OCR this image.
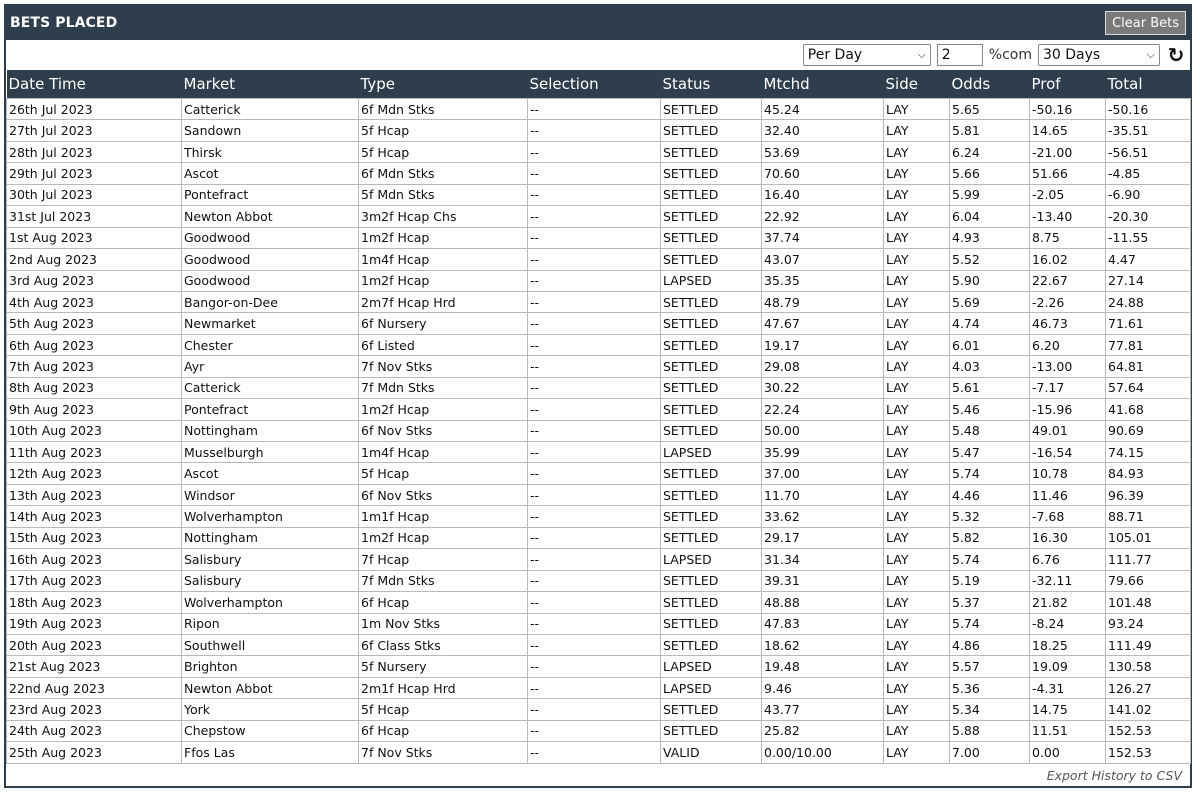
BETS PLACED	Clear Bets
Per Day	⌵
2	%com 30 Days	⌵ ↻
Date Time	Market	Type	Selection	Status	Mtchd	Side	Odds	Prof	Total
26th Jul 2023	Catterick	6f Mdn Stks	--	SETTLED	45.24	LAY	5.65	-50.16	-50.16
27th Jul 2023	Sandown	5f Hcap	--	SETTLED	32.40	LAY	5.81	14.65	-35.51
28th Jul 2023	Thirsk	5f Hcap	--	SETTLED	53.69	LAY	6.24	-21.00	-56.51
29th Jul 2023	Ascot	6f Mdn Stks	--	SETTLED	70.60	LAY	5.66	51.66	-4.85
30th Jul 2023	Pontefract	5f Mdn Stks	--	SETTLED	16.40	LAY	5.99	-2.05	-6.90
31st Jul 2023	Newton Abbot	3m2f Hcap Chs	--	SETTLED	22.92	LAY	6.04	-13.40	-20.30
1st Aug 2023	Goodwood	1m2f Hcap	--	SETTLED	37.74	LAY	4.93	8.75	-11.55
2nd Aug 2023	Goodwood	1m4f Hcap	--	SETTLED	43.07	LAY	5.52	16.02	4.47
3rd Aug 2023	Goodwood	1m2f Hcap	--	LAPSED	35.35	LAY	5.90	22.67	27.14
4th Aug 2023	Bangor-on-Dee	2m7f Hcap Hrd	--	SETTLED	48.79	LAY	5.69	-2.26	24.88
5th Aug 2023	Newmarket	6f Nursery	--	SETTLED	47.67	LAY	4.74	46.73	71.61
6th Aug 2023	Chester	6f Listed	--	SETTLED	19.17	LAY	6.01	6.20	77.81
7th Aug 2023	Ayr	7f Nov Stks	--	SETTLED	29.08	LAY	4.03	-13.00	64.81
8th Aug 2023	Catterick	7f Mdn Stks	--	SETTLED	30.22	LAY	5.61	-7.17	57.64
9th Aug 2023	Pontefract	1m2f Hcap	--	SETTLED	22.24	LAY	5.46	-15.96	41.68
10th Aug 2023	Nottingham	6f Nov Stks	--	SETTLED	50.00	LAY	5.48	49.01	90.69
11th Aug 2023	Musselburgh	1m4f Hcap	--	LAPSED	35.99	LAY	5.47	-16.54	74.15
12th Aug 2023	Ascot	5f Hcap	--	SETTLED	37.00	LAY	5.74	10.78	84.93
13th Aug 2023	Windsor	6f Nov Stks	--	SETTLED	11.70	LAY	4.46	11.46	96.39
14th Aug 2023	Wolverhampton	1m1f Hcap	--	SETTLED	33.62	LAY	5.32	-7.68	88.71
15th Aug 2023	Nottingham	1m2f Hcap	--	SETTLED	29.17	LAY	5.82	16.30	105.01
16th Aug 2023	Salisbury	7f Hcap	--	LAPSED	31.34	LAY	5.74	6.76	111.77
17th Aug 2023	Salisbury	7f Mdn Stks	--	SETTLED	39.31	LAY	5.19	-32.11	79.66
18th Aug 2023	Wolverhampton	6f Hcap	--	SETTLED	48.88	LAY	5.37	21.82	101.48
19th Aug 2023	Ripon	1m Nov Stks	--	SETTLED	47.83	LAY	5.74	-8.24	93.24
20th Aug 2023	Southwell	6f Class Stks	--	SETTLED	18.62	LAY	4.86	18.25	111.49
21st Aug 2023	Brighton	5f Nursery	--	LAPSED	19.48	LAY	5.57	19.09	130.58
22nd Aug 2023	Newton Abbot	2m1f Hcap Hrd	--	LAPSED	9.46	LAY	5.36	-4.31	126.27
23rd Aug 2023	York	5f Hcap	--	SETTLED	43.77	LAY	5.34	14.75	141.02
24th Aug 2023	Chepstow	6f Hcap	--	SETTLED	25.82	LAY	5.88	11.51	152.53
25th Aug 2023	Ffos Las	7f Nov Stks	--	VALID	0.00/10.00	LAY	7.00	0.00	152.53
Export History to CSV
